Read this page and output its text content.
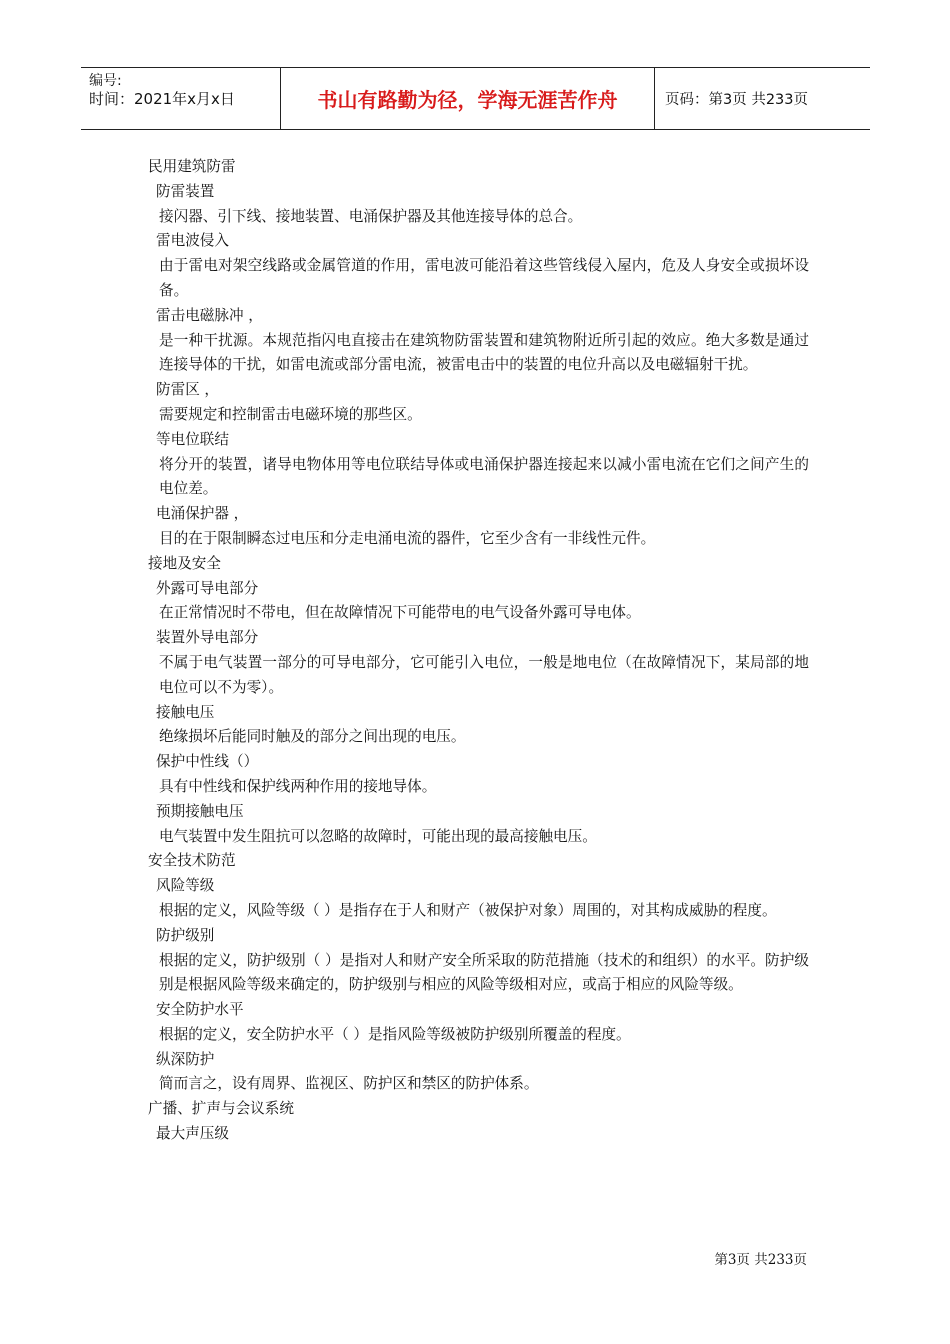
编号:
时间：2021年x月x日	书山有路勤为径，学海无涯苦作舟	页码：第3页 共233页
民用建筑防雷
防雷装置
接闪器、引下线、接地装置、电涌保护器及其他连接导体的总合。
雷电波侵入
由于雷电对架空线路或金属管道的作用，雷电波可能沿着这些管线侵入屋内，危及人身安全或损坏设备。
雷击电磁脉冲 ，
是一种干扰源。本规范指闪电直接击在建筑物防雷装置和建筑物附近所引起的效应。绝大多数是通过连接导体的干扰，如雷电流或部分雷电流，被雷电击中的装置的电位升高以及电磁辐射干扰。
防雷区 ，
需要规定和控制雷击电磁环境的那些区。
等电位联结
将分开的装置，诸导电物体用等电位联结导体或电涌保护器连接起来以减小雷电流在它们之间产生的电位差。
电涌保护器 ，
目的在于限制瞬态过电压和分走电涌电流的器件，它至少含有一非线性元件。
接地及安全
外露可导电部分
在正常情况时不带电，但在故障情况下可能带电的电气设备外露可导电体。
装置外导电部分
不属于电气装置一部分的可导电部分，它可能引入电位，一般是地电位（在故障情况下，某局部的地电位可以不为零）。
接触电压
绝缘损坏后能同时触及的部分之间出现的电压。
保护中性线（）
具有中性线和保护线两种作用的接地导体。
预期接触电压
电气装置中发生阻抗可以忽略的故障时，可能出现的最高接触电压。
安全技术防范
风险等级
根据的定义，风险等级（ ）是指存在于人和财产（被保护对象）周围的，对其构成威胁的程度。
防护级别
根据的定义，防护级别（ ）是指对人和财产安全所采取的防范措施（技术的和组织）的水平。防护级别是根据风险等级来确定的，防护级别与相应的风险等级相对应，或高于相应的风险等级。
安全防护水平
根据的定义，安全防护水平（ ）是指风险等级被防护级别所覆盖的程度。
纵深防护
简而言之，设有周界、监视区、防护区和禁区的防护体系。
广播、扩声与会议系统
最大声压级
第3页 共233页
